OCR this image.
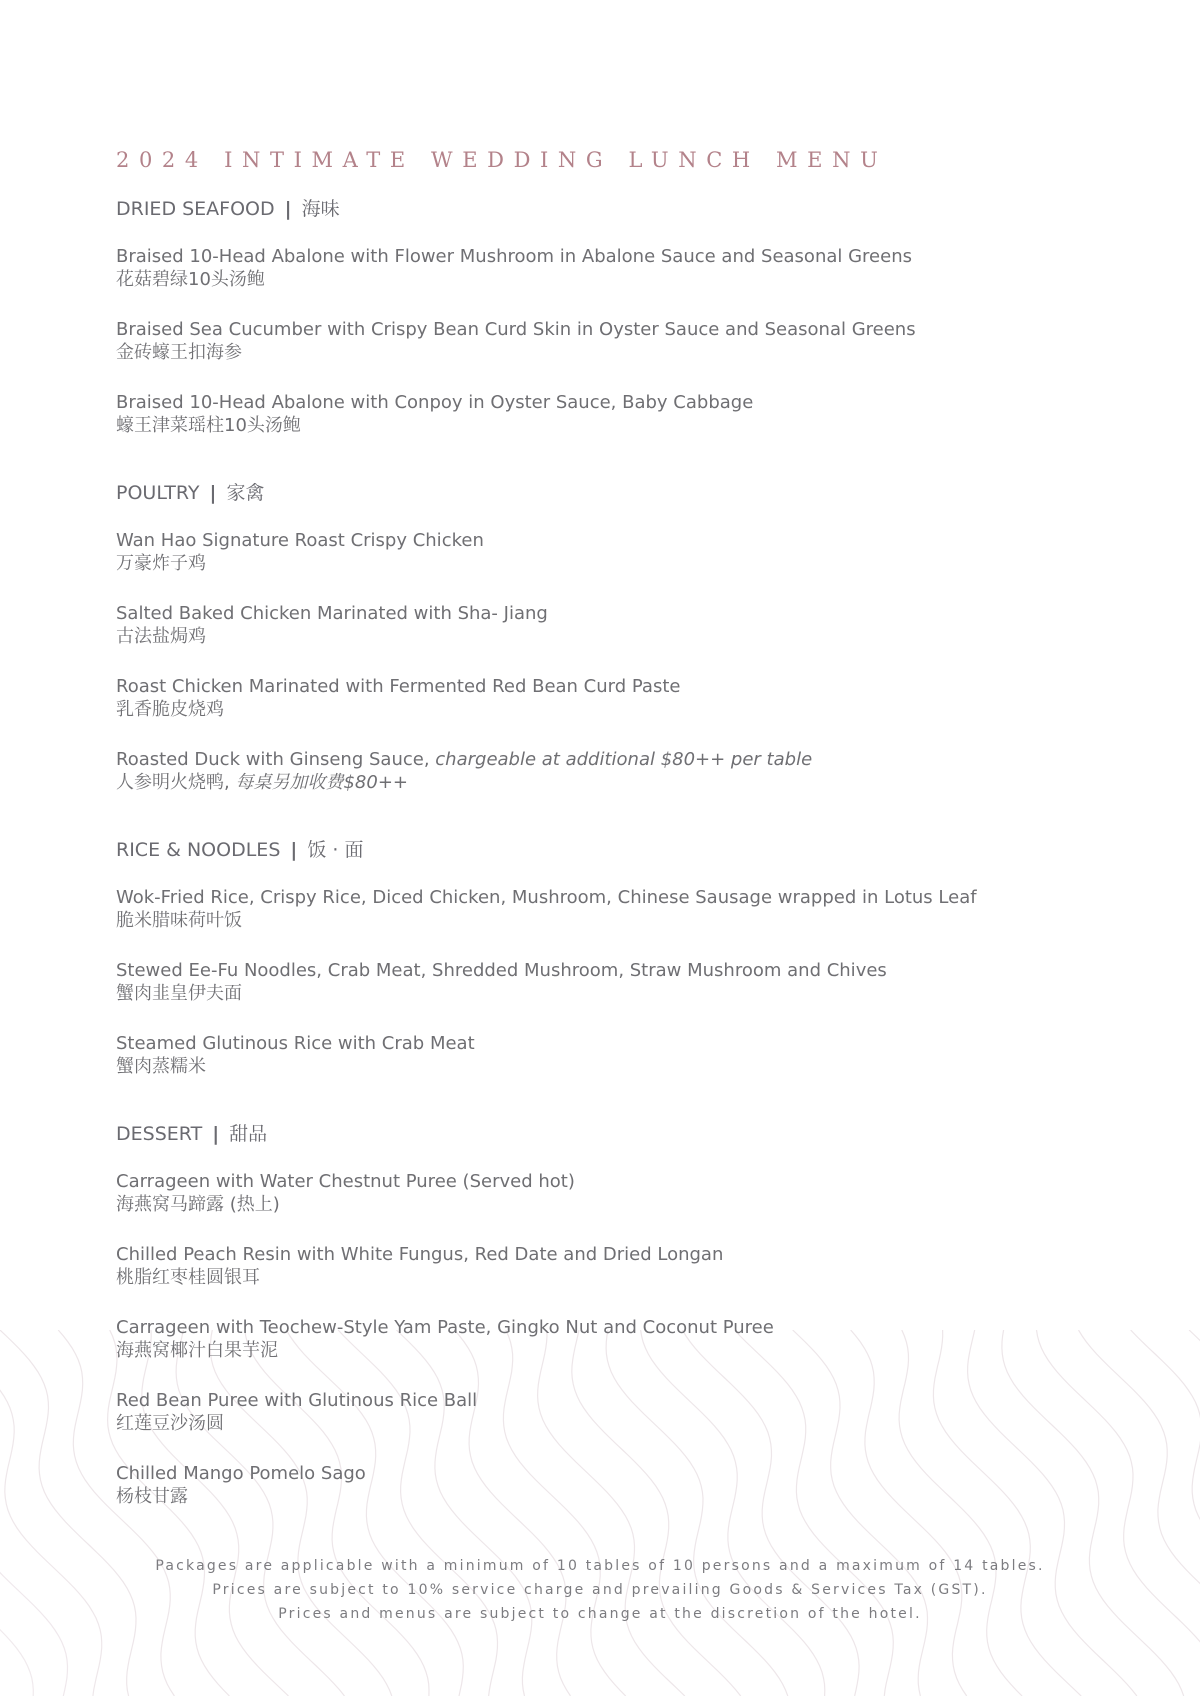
2024 INTIMATE WEDDING LUNCH MENU
DRIED SEAFOOD | 海味
Braised 10-Head Abalone with Flower Mushroom in Abalone Sauce and Seasonal Greens
花菇碧绿10头汤鲍
Braised Sea Cucumber with Crispy Bean Curd Skin in Oyster Sauce and Seasonal Greens
金砖蠔王扣海参
Braised 10-Head Abalone with Conpoy in Oyster Sauce, Baby Cabbage
蠔王津菜瑶柱10头汤鲍
POULTRY | 家禽
Wan Hao Signature Roast Crispy Chicken
万豪炸子鸡
Salted Baked Chicken Marinated with Sha- Jiang
古法盐焗鸡
Roast Chicken Marinated with Fermented Red Bean Curd Paste
乳香脆皮烧鸡
Roasted Duck with Ginseng Sauce, chargeable at additional $80++ per table
人参明火烧鸭, 每桌另加收费$80++
RICE & NOODLES | 饭 · 面
Wok-Fried Rice, Crispy Rice, Diced Chicken, Mushroom, Chinese Sausage wrapped in Lotus Leaf
脆米腊味荷叶饭
Stewed Ee-Fu Noodles, Crab Meat, Shredded Mushroom, Straw Mushroom and Chives
蟹肉韭皇伊夫面
Steamed Glutinous Rice with Crab Meat
蟹肉蒸糯米
DESSERT | 甜品
Carrageen with Water Chestnut Puree (Served hot)
海燕窝马蹄露 (热上)
Chilled Peach Resin with White Fungus, Red Date and Dried Longan
桃脂红枣桂圆银耳
Carrageen with Teochew-Style Yam Paste, Gingko Nut and Coconut Puree
海燕窝椰汁白果芋泥
Red Bean Puree with Glutinous Rice Ball
红莲豆沙汤圆
Chilled Mango Pomelo Sago
杨枝甘露
Packages are applicable with a minimum of 10 tables of 10 persons and a maximum of 14 tables.
Prices are subject to 10% service charge and prevailing Goods & Services Tax (GST).
Prices and menus are subject to change at the discretion of the hotel.
